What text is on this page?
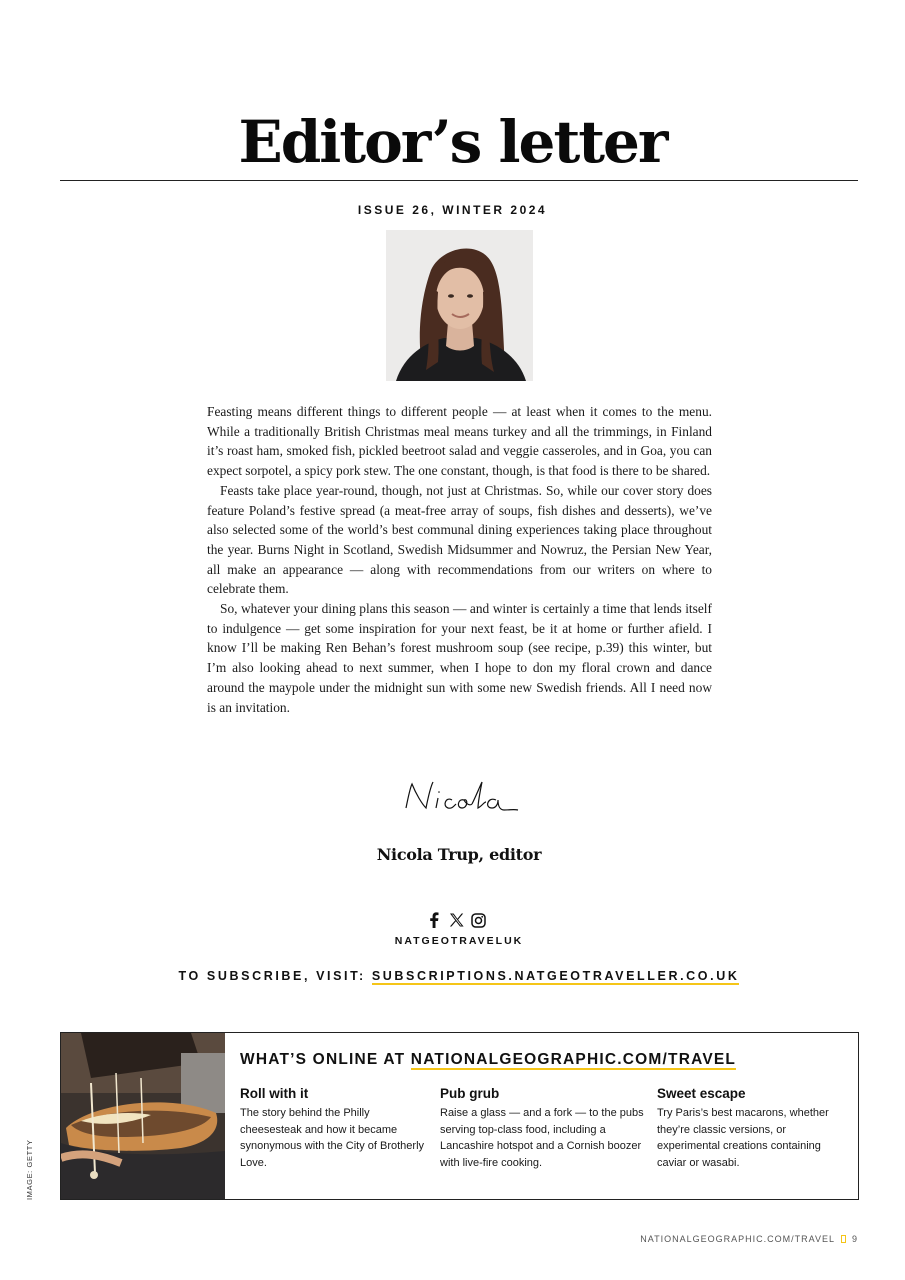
Editor’s letter
ISSUE 26, WINTER 2024

Feasting means different things to different people — at least when it comes to the menu. While a traditionally British Christmas meal means turkey and all the trimmings, in Finland it’s roast ham, smoked fish, pickled beetroot salad and veggie casseroles, and in Goa, you can expect sorpotel, a spicy pork stew. The one constant, though, is that food is there to be shared.

Feasts take place year-round, though, not just at Christmas. So, while our cover story does feature Poland’s festive spread (a meat-free array of soups, fish dishes and desserts), we’ve also selected some of the world’s best communal dining experiences taking place throughout the year. Burns Night in Scotland, Swedish Midsummer and Nowruz, the Persian New Year, all make an appearance — along with recommendations from our writers on where to celebrate them.

So, whatever your dining plans this season — and winter is certainly a time that lends itself to indulgence — get some inspiration for your next feast, be it at home or further afield. I know I’ll be making Ren Behan’s forest mushroom soup (see recipe, p.39) this winter, but I’m also looking ahead to next summer, when I hope to don my floral crown and dance around the maypole under the midnight sun with some new Swedish friends. All I need now is an invitation.

Nicola Trup, editor
NATGEOTRAVELUK
TO SUBSCRIBE, VISIT: SUBSCRIPTIONS.NATGEOTRAVELLER.CO.UK
WHAT’S ONLINE AT NATIONALGEOGRAPHIC.COM/TRAVEL
Roll with it

The story behind the Philly cheesesteak and how it became synonymous with the City of Brotherly Love.

Pub grub

Raise a glass — and a fork — to the pubs serving top-class food, including a Lancashire hotspot and a Cornish boozer with live-fire cooking.

Sweet escape

Try Paris’s best macarons, whether they’re classic versions, or experimental creations containing caviar or wasabi.

IMAGE: GETTY
NATIONALGEOGRAPHIC.COM/TRAVEL 9
